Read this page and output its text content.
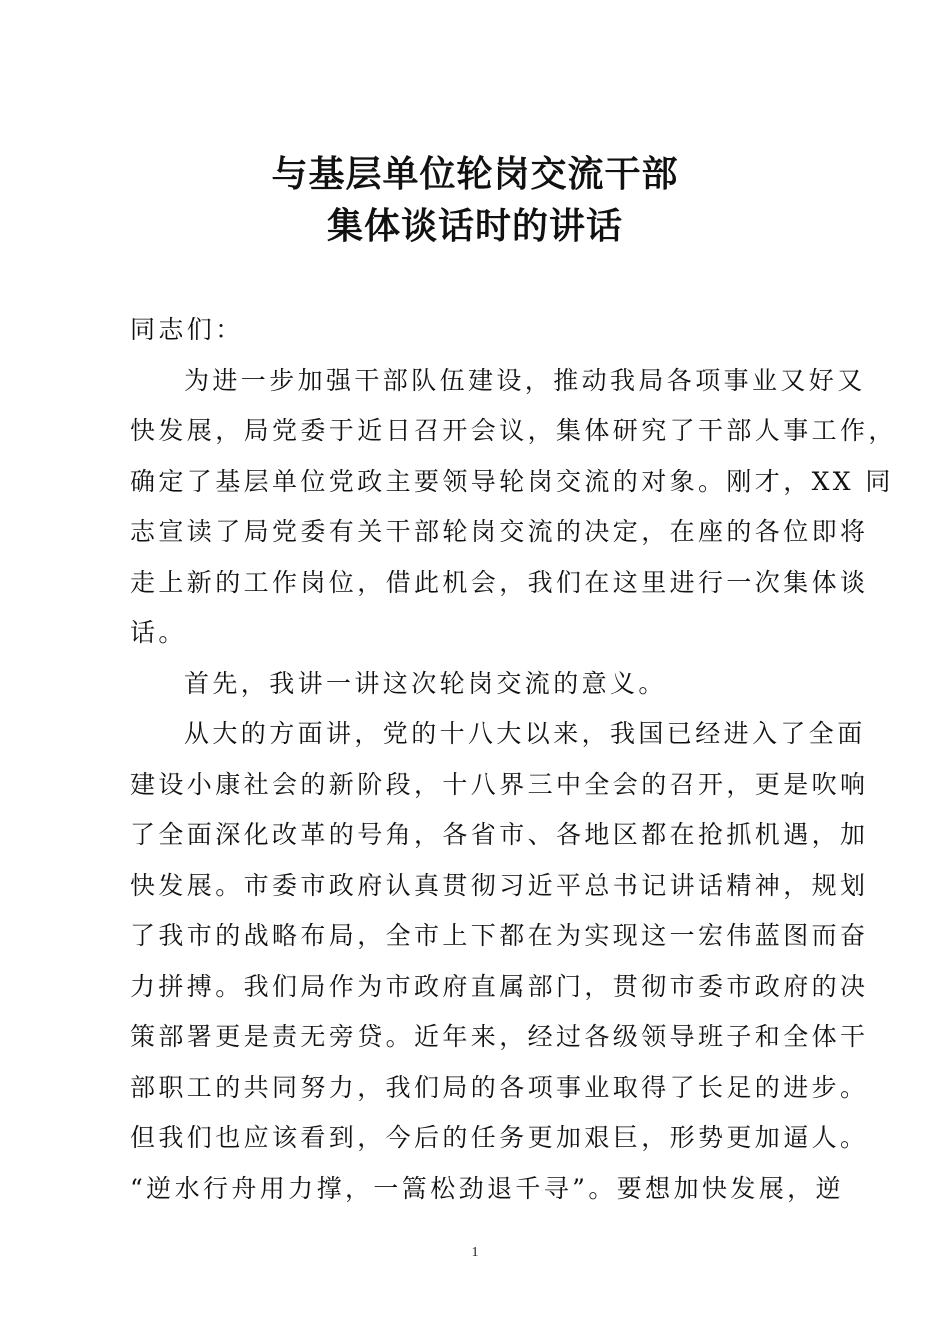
与基层单位轮岗交流干部
集体谈话时的讲话
同志们：
为进一步加强干部队伍建设，推动我局各项事业又好又
快发展，局党委于近日召开会议，集体研究了干部人事工作，
确定了基层单位党政主要领导轮岗交流的对象。刚才，XX 同
志宣读了局党委有关干部轮岗交流的决定，在座的各位即将
走上新的工作岗位，借此机会，我们在这里进行一次集体谈
话。
首先，我讲一讲这次轮岗交流的意义。
从大的方面讲，党的十八大以来，我国已经进入了全面
建设小康社会的新阶段，十八界三中全会的召开，更是吹响
了全面深化改革的号角，各省市、各地区都在抢抓机遇，加
快发展。市委市政府认真贯彻习近平总书记讲话精神，规划
了我市的战略布局，全市上下都在为实现这一宏伟蓝图而奋
力拼搏。我们局作为市政府直属部门，贯彻市委市政府的决
策部署更是责无旁贷。近年来，经过各级领导班子和全体干
部职工的共同努力，我们局的各项事业取得了长足的进步。
但我们也应该看到，今后的任务更加艰巨，形势更加逼人。
“逆水行舟用力撑，一篙松劲退千寻”。要想加快发展，逆
1
